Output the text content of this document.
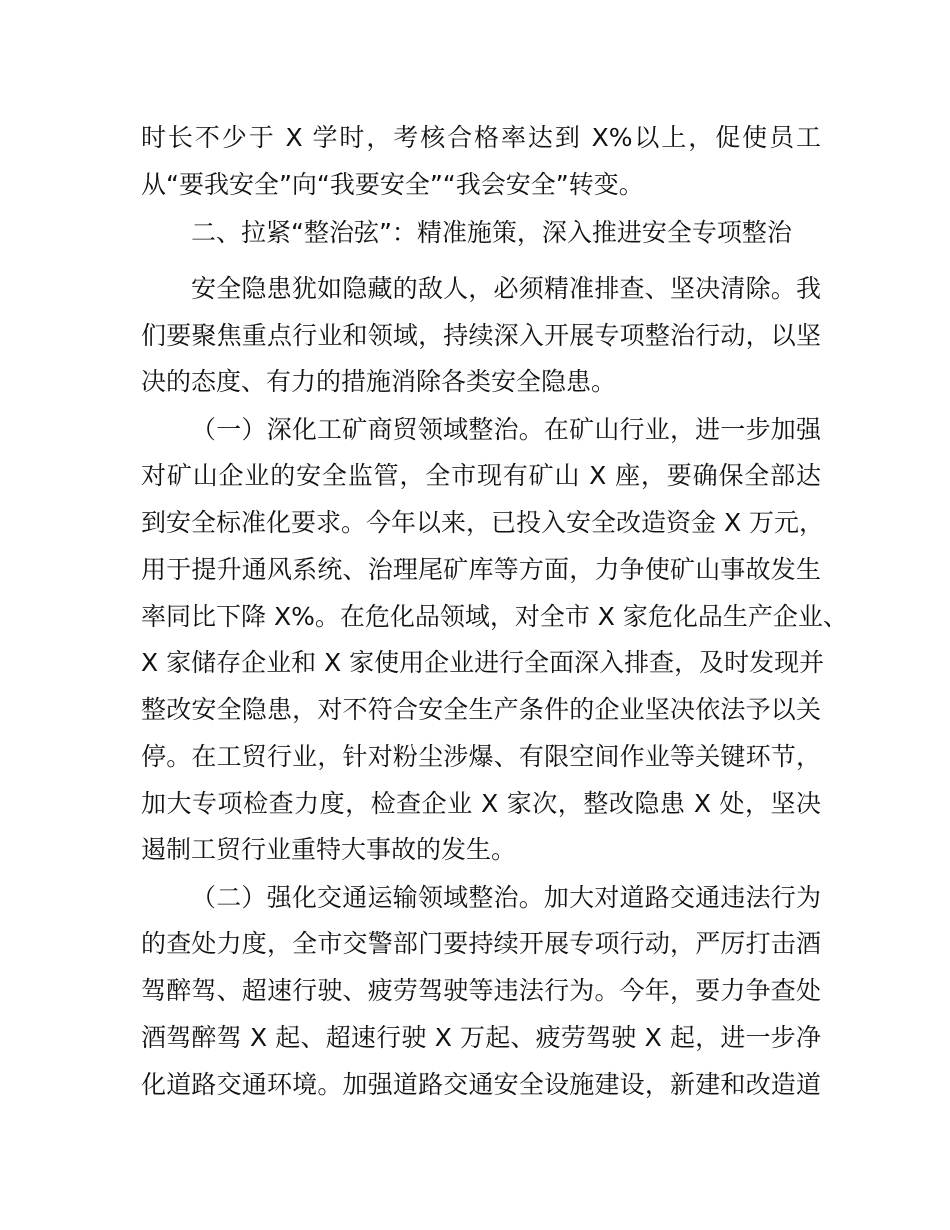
时长不少于 X 学时，考核合格率达到 X%以上，促使员工
从“要我安全”向“我要安全”“我会安全”转变。
二、拉紧“整治弦”：精准施策，深入推进安全专项整治
安全隐患犹如隐藏的敌人，必须精准排查、坚决清除。我
们要聚焦重点行业和领域，持续深入开展专项整治行动，以坚
决的态度、有力的措施消除各类安全隐患。
（一）深化工矿商贸领域整治。在矿山行业，进一步加强
对矿山企业的安全监管，全市现有矿山 X 座，要确保全部达
到安全标准化要求。今年以来，已投入安全改造资金 X 万元，
用于提升通风系统、治理尾矿库等方面，力争使矿山事故发生
率同比下降 X%。在危化品领域，对全市 X 家危化品生产企业、
X 家储存企业和 X 家使用企业进行全面深入排查，及时发现并
整改安全隐患，对不符合安全生产条件的企业坚决依法予以关
停。在工贸行业，针对粉尘涉爆、有限空间作业等关键环节，
加大专项检查力度，检查企业 X 家次，整改隐患 X 处，坚决
遏制工贸行业重特大事故的发生。
（二）强化交通运输领域整治。加大对道路交通违法行为
的查处力度，全市交警部门要持续开展专项行动，严厉打击酒
驾醉驾、超速行驶、疲劳驾驶等违法行为。今年，要力争查处
酒驾醉驾 X 起、超速行驶 X 万起、疲劳驾驶 X 起，进一步净
化道路交通环境。加强道路交通安全设施建设，新建和改造道
